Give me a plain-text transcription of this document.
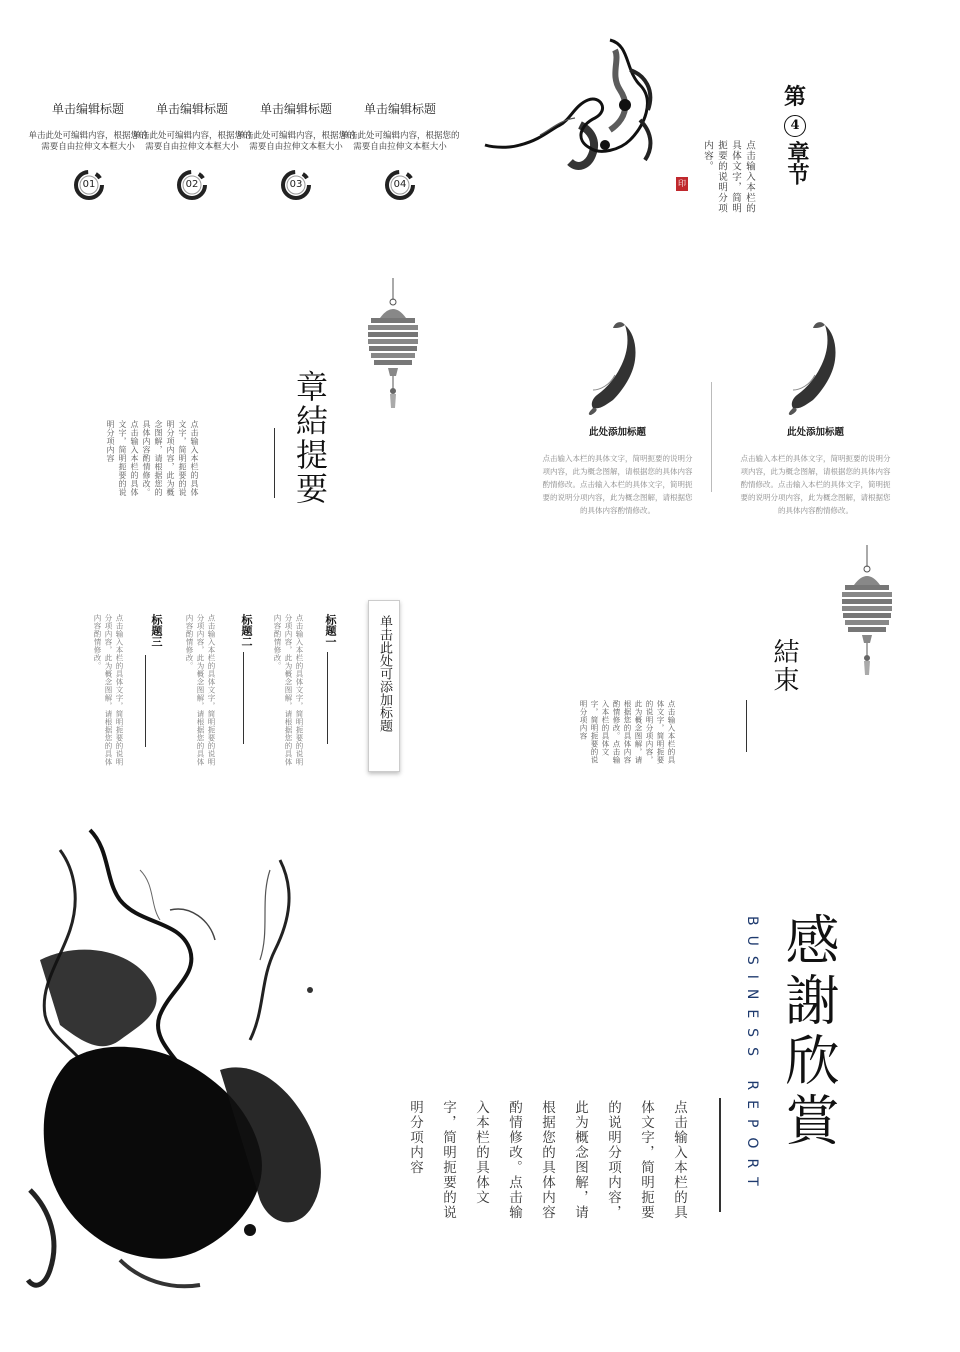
单击编辑标题
单击此处可编辑内容，根据您的需要自由拉伸文本框大小
单击编辑标题
单击此处可编辑内容，根据您的需要自由拉伸文本框大小
单击编辑标题
单击此处可编辑内容，根据您的需要自由拉伸文本框大小
单击编辑标题
单击此处可编辑内容，根据您的需要自由拉伸文本框大小
01	02	03	04	印	点击输入本栏的具体文字，简明扼要的说明分项内容。
第
4
章节
章結提要
点击输入本栏的具体文字，简明扼要的说明分项内容，此为概念图解，请根据您的具体内容酌情修改。点击输入本栏的具体文字，简明扼要的说明分项内容	此处添加标题
点击输入本栏的具体文字，简明扼要的说明分项内容，此为概念图解，请根据您的具体内容酌情修改。点击输入本栏的具体文字，简明扼要的说明分项内容，此为概念图解，请根据您的具体内容酌情修改。
此处添加标题
点击输入本栏的具体文字，简明扼要的说明分项内容，此为概念图解，请根据您的具体内容酌情修改。点击输入本栏的具体文字，简明扼要的说明分项内容，此为概念图解，请根据您的具体内容酌情修改。
单击此处可添加标题
标题一
点击输入本栏的具体文字，简明扼要的说明分项内容，此为概念图解，请根据您的具体内容酌情修改。
标题二
点击输入本栏的具体文字，简明扼要的说明分项内容，此为概念图解，请根据您的具体内容酌情修改。
标题三
点击输入本栏的具体文字，简明扼要的说明分项内容，此为概念图解，请根据您的具体内容酌情修改。	結束
点击输入本栏的具体文字，简明扼要的说明分项内容，此为概念图解，请根据您的具体内容酌情修改。点击输入本栏的具体文字，简明扼要的说明分项内容
感謝欣賞
BUSINESS REPORT
点击输入本栏的具体文字，简明扼要的说明分项内容，此为概念图解，请根据您的具体内容酌情修改。点击输入本栏的具体文字，简明扼要的说明分项内容
